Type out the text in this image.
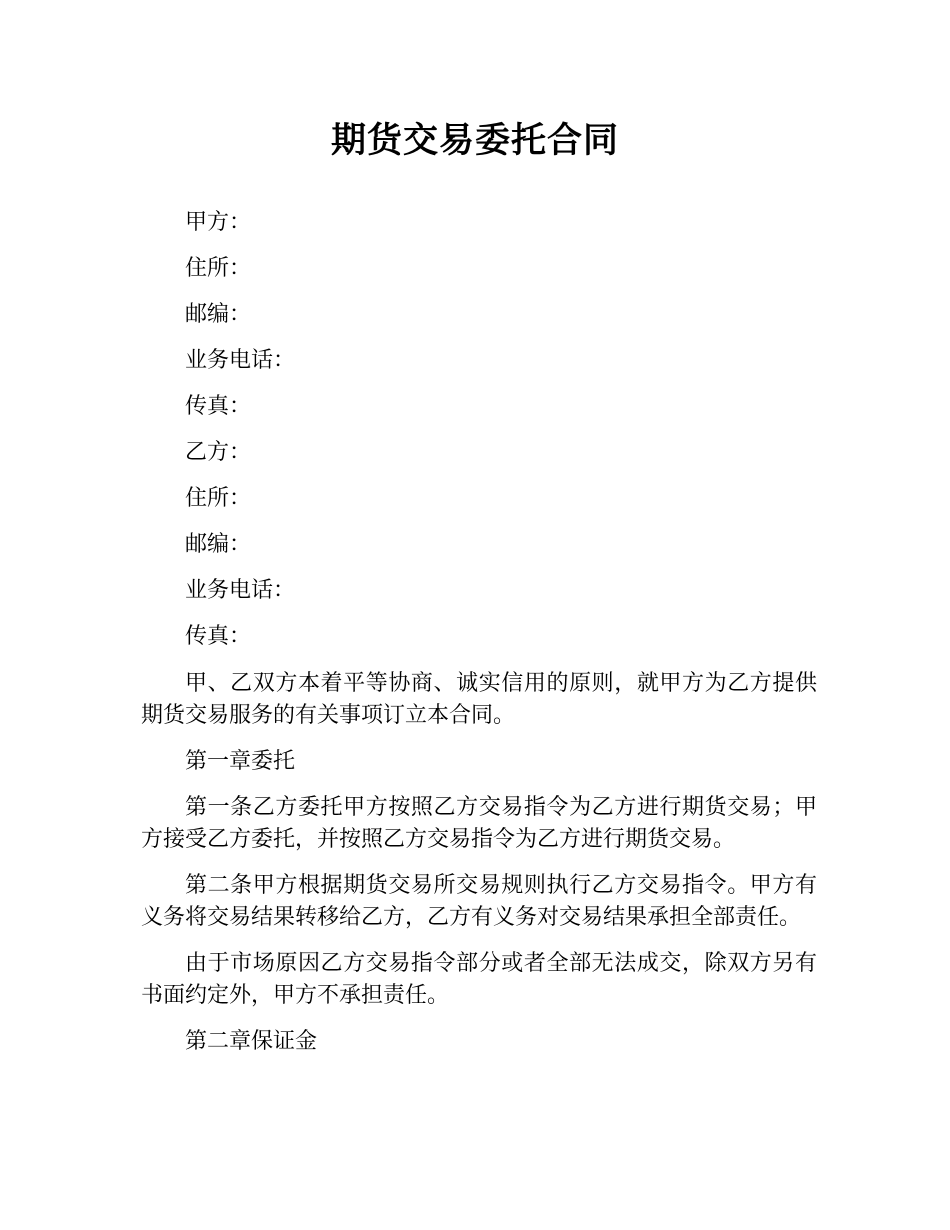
期货交易委托合同
甲方：
住所：
邮编：
业务电话：
传真：
乙方：
住所：
邮编：
业务电话：
传真：

甲、乙双方本着平等协商、诚实信用的原则，就甲方为乙方提供期货交易服务的有关事项订立本合同。

第一章委托

第一条乙方委托甲方按照乙方交易指令为乙方进行期货交易；甲方接受乙方委托，并按照乙方交易指令为乙方进行期货交易。

第二条甲方根据期货交易所交易规则执行乙方交易指令。甲方有义务将交易结果转移给乙方，乙方有义务对交易结果承担全部责任。

由于市场原因乙方交易指令部分或者全部无法成交，除双方另有书面约定外，甲方不承担责任。

第二章保证金
